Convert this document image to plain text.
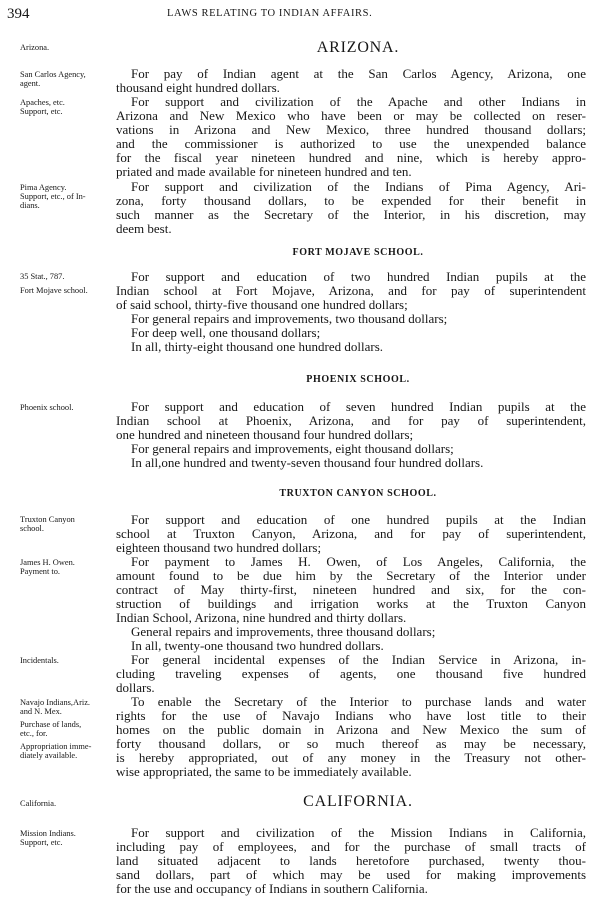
394	LAWS RELATING TO INDIAN AFFAIRS.
ARIZONA.
Arizona.
San Carlos Agency,
agent.
For pay of Indian agent at the San Carlos Agency, Arizona, one
thousand eight hundred dollars.
Apaches, etc.
Support, etc.
For support and civilization of the Apache and other Indians in
Arizona and New Mexico who have been or may be collected on reser-
vations in Arizona and New Mexico, three hundred thousand dollars;
and the commissioner is authorized to use the unexpended balance
for the fiscal year nineteen hundred and nine, which is hereby appro-
priated and made available for nineteen hundred and ten.
Pima Agency.
Support, etc., of In-
dians.
For support and civilization of the Indians of Pima Agency, Ari-
zona, forty thousand dollars, to be expended for their benefit in
such manner as the Secretary of the Interior, in his discretion, may
deem best.
FORT MOJAVE SCHOOL.
35 Stat., 787.
Fort Mojave school.
For support and education of two hundred Indian pupils at the
Indian school at Fort Mojave, Arizona, and for pay of superintendent
of said school, thirty-five thousand one hundred dollars;
For general repairs and improvements, two thousand dollars;
For deep well, one thousand dollars;
In all, thirty-eight thousand one hundred dollars.
PHOENIX SCHOOL.
Phoenix school.	For support and education of seven hundred Indian pupils at the
Indian school at Phoenix, Arizona, and for pay of superintendent,
one hundred and nineteen thousand four hundred dollars;
For general repairs and improvements, eight thousand dollars;
In all,one hundred and twenty-seven thousand four hundred dollars.
TRUXTON CANYON SCHOOL.
Truxton Canyon
school.
For support and education of one hundred pupils at the Indian
school at Truxton Canyon, Arizona, and for pay of superintendent,
eighteen thousand two hundred dollars;
James H. Owen.
Payment to.
For payment to James H. Owen, of Los Angeles, California, the
amount found to be due him by the Secretary of the Interior under
contract of May thirty-first, nineteen hundred and six, for the con-
struction of buildings and irrigation works at the Truxton Canyon
Indian School, Arizona, nine hundred and thirty dollars.
General repairs and improvements, three thousand dollars;
In all, twenty-one thousand two hundred dollars.
Incidentals.	For general incidental expenses of the Indian Service in Arizona, in-
cluding traveling expenses of agents, one thousand five hundred
dollars.
Navajo Indians,Ariz.
and N. Mex.
Purchase of lands,
etc., for.
Appropriation imme-
diately available.
To enable the Secretary of the Interior to purchase lands and water
rights for the use of Navajo Indians who have lost title to their
homes on the public domain in Arizona and New Mexico the sum of
forty thousand dollars, or so much thereof as may be necessary,
is hereby appropriated, out of any money in the Treasury not other-
wise appropriated, the same to be immediately available.
CALIFORNIA.
California.
Mission Indians.
Support, etc.
For support and civilization of the Mission Indians in California,
including pay of employees, and for the purchase of small tracts of
land situated adjacent to lands heretofore purchased, twenty thou-
sand dollars, part of which may be used for making improvements
for the use and occupancy of Indians in southern California.
